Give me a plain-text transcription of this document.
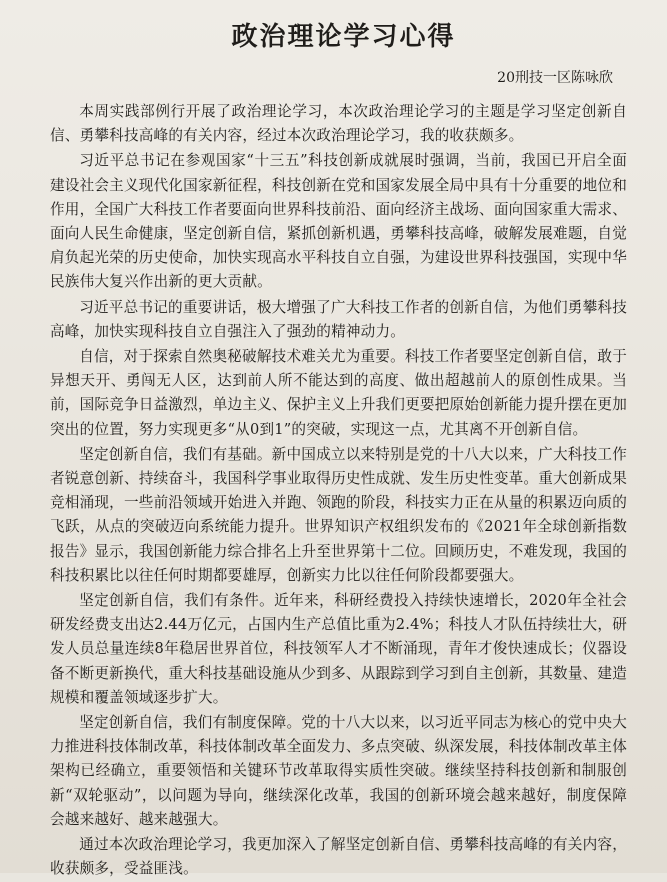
政治理论学习心得
20刑技一区陈咏欣

本周实践部例行开展了政治理论学习，本次政治理论学习的主题是学习坚定创新自信、勇攀科技高峰的有关内容，经过本次政治理论学习，我的收获颇多。

习近平总书记在参观国家“十三五”科技创新成就展时强调，当前，我国已开启全面建设社会主义现代化国家新征程，科技创新在党和国家发展全局中具有十分重要的地位和作用，全国广大科技工作者要面向世界科技前沿、面向经济主战场、面向国家重大需求、面向人民生命健康，坚定创新自信，紧抓创新机遇，勇攀科技高峰，破解发展难题，自觉肩负起光荣的历史使命，加快实现高水平科技自立自强，为建设世界科技强国，实现中华民族伟大复兴作出新的更大贡献。

习近平总书记的重要讲话，极大增强了广大科技工作者的创新自信，为他们勇攀科技高峰，加快实现科技自立自强注入了强劲的精神动力。

自信，对于探索自然奥秘破解技术难关尤为重要。科技工作者要坚定创新自信，敢于异想天开、勇闯无人区，达到前人所不能达到的高度、做出超越前人的原创性成果。当前，国际竞争日益激烈，单边主义、保护主义上升我们更要把原始创新能力提升摆在更加突出的位置，努力实现更多“从0到1”的突破，实现这一点，尤其离不开创新自信。

坚定创新自信，我们有基础。新中国成立以来特别是党的十八大以来，广大科技工作者锐意创新、持续奋斗，我国科学事业取得历史性成就、发生历史性变革。重大创新成果竞相涌现，一些前沿领域开始进入并跑、领跑的阶段，科技实力正在从量的积累迈向质的飞跃，从点的突破迈向系统能力提升。世界知识产权组织发布的《2021年全球创新指数报告》显示，我国创新能力综合排名上升至世界第十二位。回顾历史，不难发现，我国的科技积累比以往任何时期都要雄厚，创新实力比以往任何阶段都要强大。

坚定创新自信，我们有条件。近年来，科研经费投入持续快速增长，2020年全社会研发经费支出达2.44万亿元，占国内生产总值比重为2.4%；科技人才队伍持续壮大，研发人员总量连续8年稳居世界首位，科技领军人才不断涌现，青年才俊快速成长；仪器设备不断更新换代，重大科技基础设施从少到多、从跟踪到学习到自主创新，其数量、建造规模和覆盖领域逐步扩大。

坚定创新自信，我们有制度保障。党的十八大以来，以习近平同志为核心的党中央大力推进科技体制改革，科技体制改革全面发力、多点突破、纵深发展，科技体制改革主体架构已经确立，重要领悟和关键环节改革取得实质性突破。继续坚持科技创新和制服创新“双轮驱动”，以问题为导向，继续深化改革，我国的创新环境会越来越好，制度保障会越来越好、越来越强大。

通过本次政治理论学习，我更加深入了解坚定创新自信、勇攀科技高峰的有关内容，收获颇多，受益匪浅。
